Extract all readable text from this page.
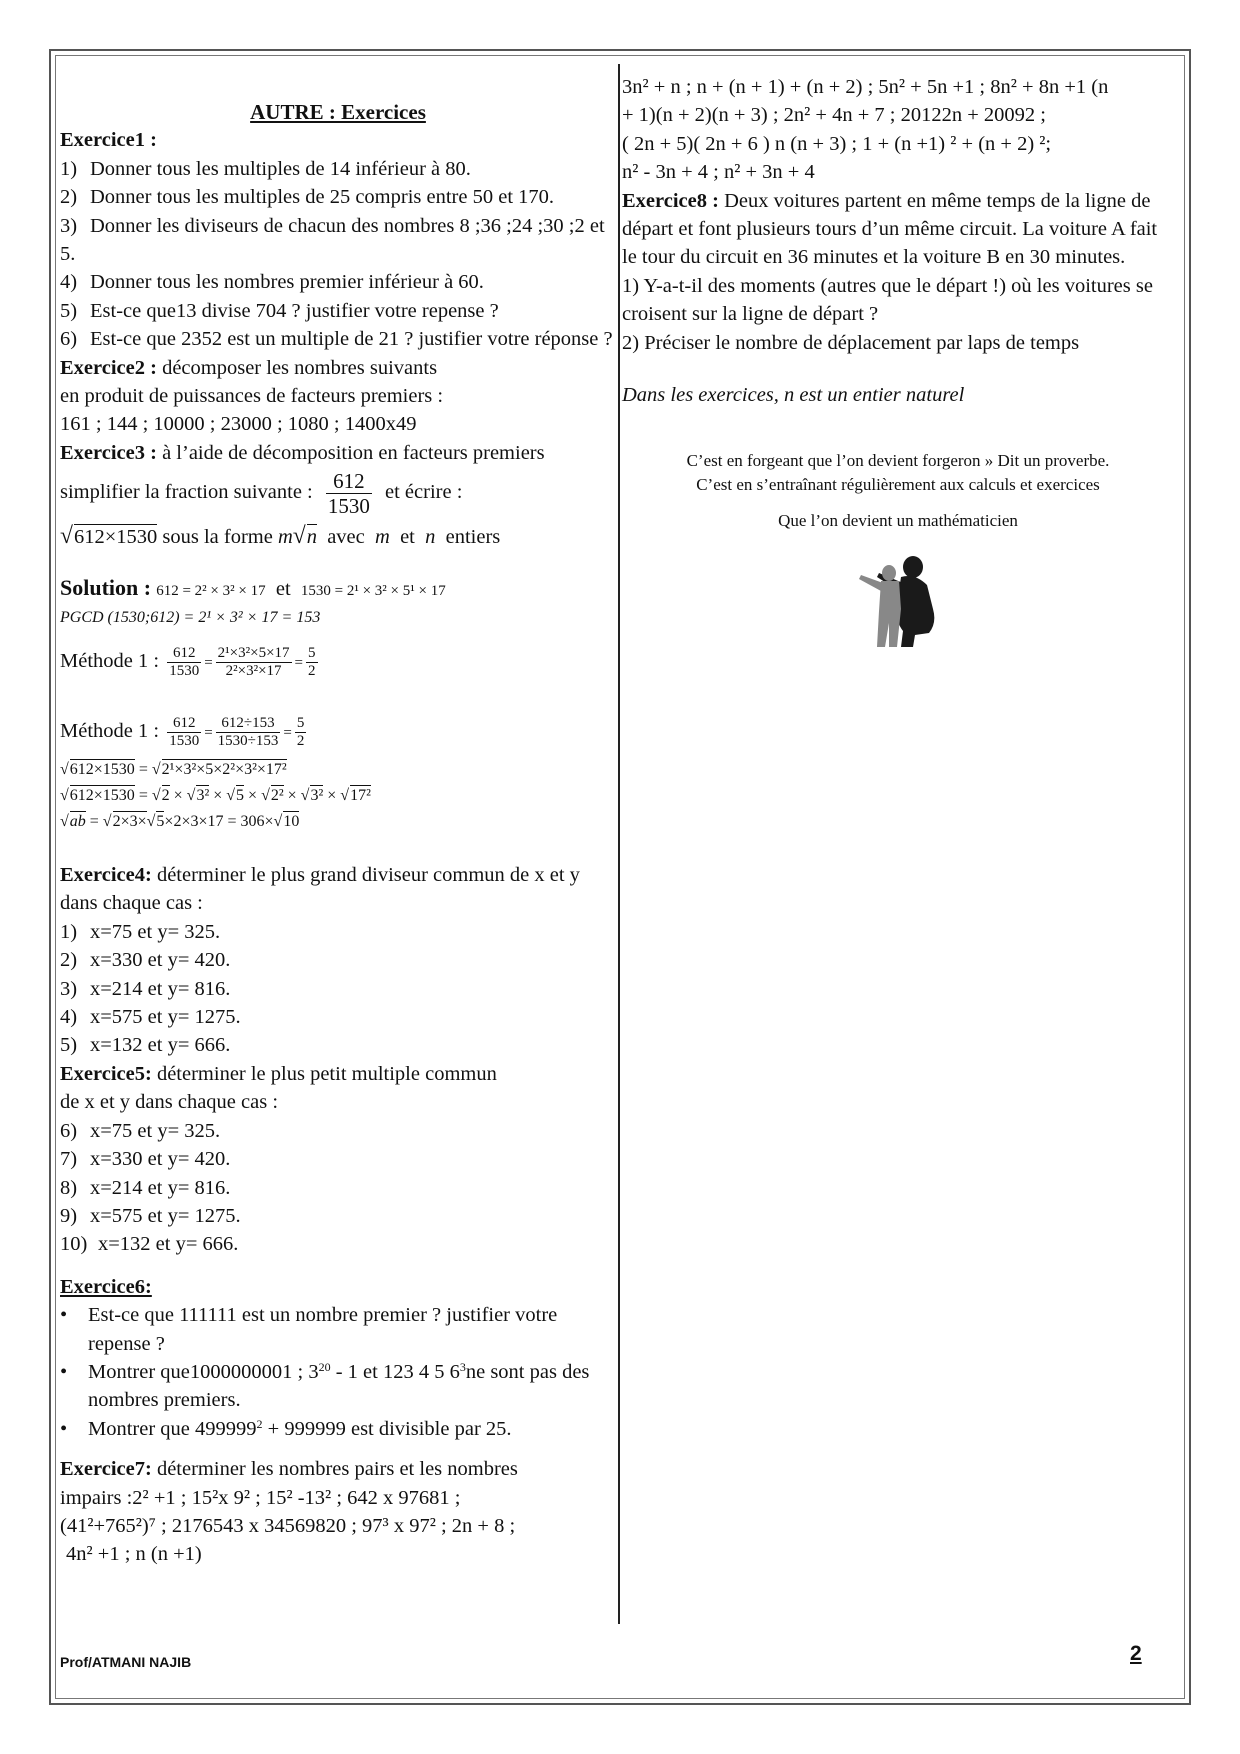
AUTRE : Exercices

Exercice1 :

1) Donner tous les multiples de 14 inférieur à 80.

2) Donner tous les multiples de 25 compris entre 50 et 170.

3) Donner les diviseurs de chacun des nombres 8 ;36 ;24 ;30 ;2 et 5.

4) Donner tous les nombres premier inférieur à 60.

5) Est-ce que13 divise 704 ? justifier votre repense ?

6) Est-ce que 2352 est un multiple de 21 ? justifier votre réponse ?

Exercice2 : décomposer les nombres suivants

en produit de puissances de facteurs premiers :

161 ; 144 ; 10000 ; 23000 ; 1080 ; 1400x49

Exercice3 : à l’aide de décomposition en facteurs premiers

simplifier la fraction suivante : $\frac{612}{1530}$ et écrire :

√612×1530 sous la forme m√n avec m et n entiers

Solution : 612 = 2² × 3² × 17 et 1530 = 2¹ × 3² × 5¹ × 17

PGCD (1530;612) = 2¹ × 3² × 17 = 153

Méthode 1 : $\frac{612}{1530} = \frac{\text{2¹×3²×5×17}}{\text{2²×3²×17}} = \frac{5}{2}$

Méthode 1 : $\frac{612}{1530} = \frac{612\div 153}{1530\div 153} = \frac{5}{2}$

√612×1530 = √2¹×3²×5×2²×3²×17²

√612×1530 = √2 × √3² × √5 × √2² × √3² × √17²

√ab = √2×3×√5×2×3×17 = 306×√10

Exercice4: déterminer le plus grand diviseur commun de x et y dans chaque cas :

1) x=75 et y= 325.

2) x=330 et y= 420.

3) x=214 et y= 816.

4) x=575 et y= 1275.

5) x=132 et y= 666.

Exercice5: déterminer le plus petit multiple commun

de x et y dans chaque cas :

6) x=75 et y= 325.

7) x=330 et y= 420.

8) x=214 et y= 816.

9) x=575 et y= 1275.

10) x=132 et y= 666.

Exercice6:

• Est-ce que 111111 est un nombre premier ? justifier votre repense ?

• Montrer que1000000001 ; $3^{20} - 1$ et 123 4 5 $6^3ne$ sont pas des nombres premiers.

• Montrer que $499999^2 + 999999$ est divisible par 25.

Exercice7: déterminer les nombres pairs et les nombres

impairs :2² +1 ; 15²x 9² ; 15² -13² ; 642 x 97681 ;

(41²+765²)⁷ ; 2176543 x 34569820 ; 97³ x 97² ; 2n + 8 ;

4n² +1 ; n (n +1)

3n² + n ; n + (n + 1) + (n + 2) ; 5n² + 5n +1 ; 8n² + 8n +1 (n

+ 1)(n + 2)(n + 3) ; 2n² + 4n + 7 ; 20122n + 20092 ;

( 2n + 5)( 2n + 6 ) n (n + 3) ; 1 + (n +1) ² + (n + 2) ²;

n² - 3n + 4 ; n² + 3n + 4

Exercice8 : Deux voitures partent en même temps de la ligne de départ et font plusieurs tours d’un même circuit. La voiture A fait le tour du circuit en 36 minutes et la voiture B en 30 minutes.

1) Y-a-t-il des moments (autres que le départ !) où les voitures se croisent sur la ligne de départ ?

2) Préciser le nombre de déplacement par laps de temps

Dans les exercices, n est un entier naturel

C’est en forgeant que l’on devient forgeron » Dit un proverbe.

C’est en s’entraînant régulièrement aux calculs et exercices

Que l’on devient un mathématicien

Prof/ATMANI NAJIB	2
